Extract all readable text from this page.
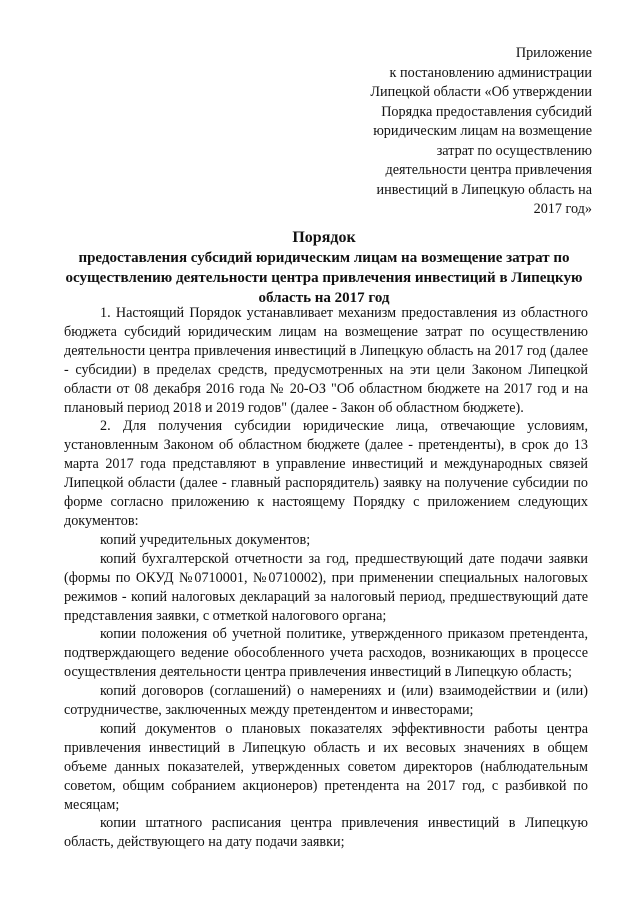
Приложение
к постановлению администрации
Липецкой области «Об утверждении
Порядка предоставления субсидий
юридическим лицам на возмещение
затрат по осуществлению
деятельности центра привлечения
инвестиций в Липецкую область на
2017 год»
Порядок
предоставления субсидий юридическим лицам на возмещение затрат по
осуществлению деятельности центра привлечения инвестиций в Липецкую
область на 2017 год

1. Настоящий Порядок устанавливает механизм предоставления из областного бюджета субсидий юридическим лицам на возмещение затрат по осуществлению деятельности центра привлечения инвестиций в Липецкую область на 2017 год (далее - субсидии) в пределах средств, предусмотренных на эти цели Законом Липецкой области от 08 декабря 2016 года № 20-ОЗ "Об областном бюджете на 2017 год и на плановый период 2018 и 2019 годов" (далее - Закон об областном бюджете).

2. Для получения субсидии юридические лица, отвечающие условиям, установленным Законом об областном бюджете (далее - претенденты), в срок до 13 марта 2017 года представляют в управление инвестиций и международных связей Липецкой области (далее - главный распорядитель) заявку на получение субсидии по форме согласно приложению к настоящему Порядку с приложением следующих документов:

копий учредительных документов;

копий бухгалтерской отчетности за год, предшествующий дате подачи заявки (формы по ОКУД №0710001, №0710002), при применении специальных налоговых режимов - копий налоговых деклараций за налоговый период, предшествующий дате представления заявки, с отметкой налогового органа;

копии положения об учетной политике, утвержденного приказом претендента, подтверждающего ведение обособленного учета расходов, возникающих в процессе осуществления деятельности центра привлечения инвестиций в Липецкую область;

копий договоров (соглашений) о намерениях и (или) взаимодействии и (или) сотрудничестве, заключенных между претендентом и инвесторами;

копий документов о плановых показателях эффективности работы центра привлечения инвестиций в Липецкую область и их весовых значениях в общем объеме данных показателей, утвержденных советом директоров (наблюдательным советом, общим собранием акционеров) претендента на 2017 год, с разбивкой по месяцам;

копии штатного расписания центра привлечения инвестиций в Липецкую область, действующего на дату подачи заявки;
